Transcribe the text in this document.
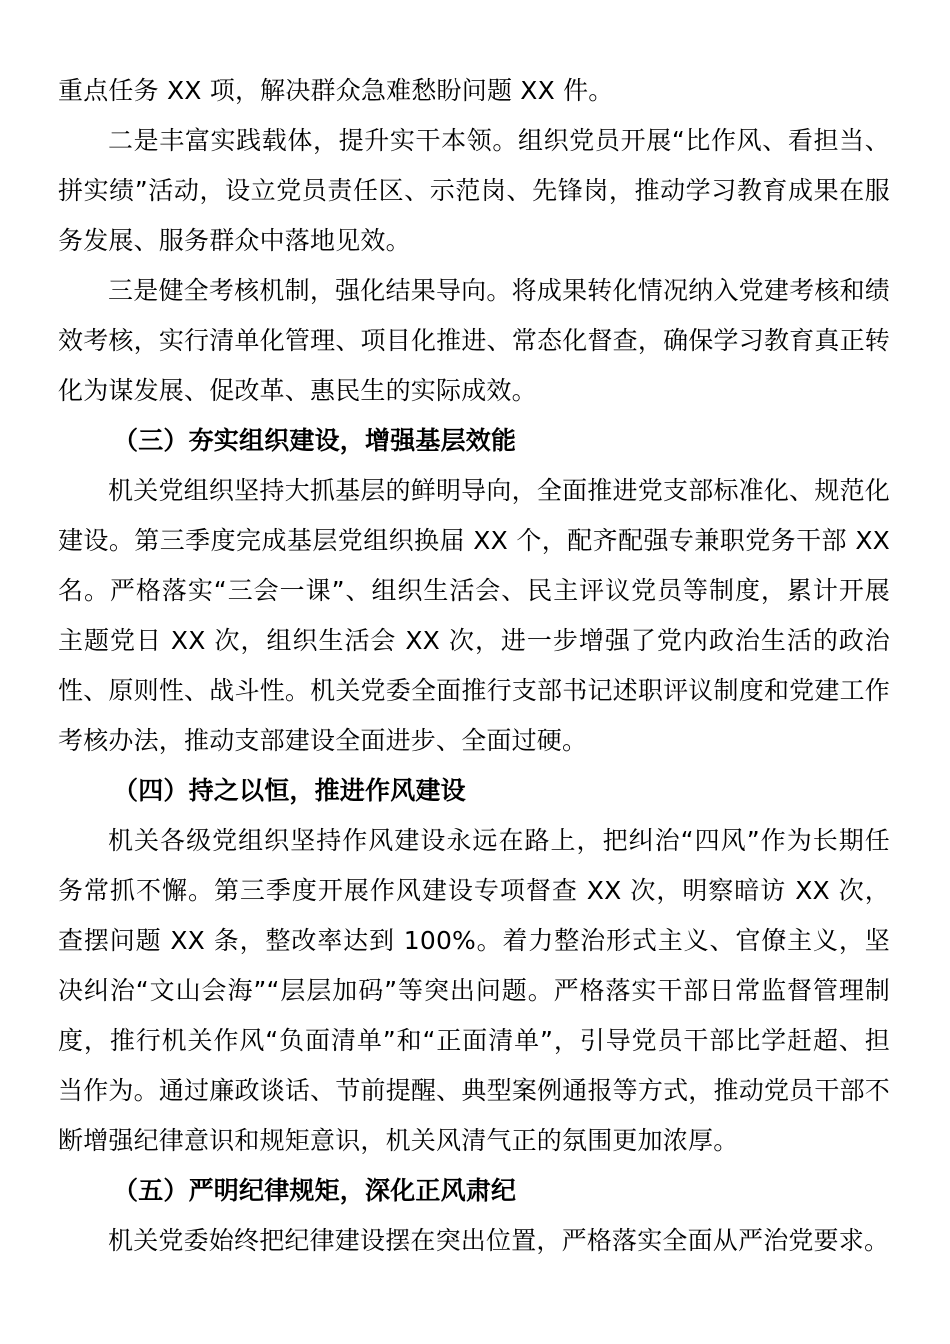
重点任务 XX 项，解决群众急难愁盼问题 XX 件。

二是丰富实践载体，提升实干本领。组织党员开展“比作风、看担当、拼实绩”活动，设立党员责任区、示范岗、先锋岗，推动学习教育成果在服务发展、服务群众中落地见效。

三是健全考核机制，强化结果导向。将成果转化情况纳入党建考核和绩效考核，实行清单化管理、项目化推进、常态化督查，确保学习教育真正转化为谋发展、促改革、惠民生的实际成效。

（三）夯实组织建设，增强基层效能

机关党组织坚持大抓基层的鲜明导向，全面推进党支部标准化、规范化建设。第三季度完成基层党组织换届 XX 个，配齐配强专兼职党务干部 XX 名。严格落实“三会一课”、组织生活会、民主评议党员等制度，累计开展主题党日 XX 次，组织生活会 XX 次，进一步增强了党内政治生活的政治性、原则性、战斗性。机关党委全面推行支部书记述职评议制度和党建工作考核办法，推动支部建设全面进步、全面过硬。

（四）持之以恒，推进作风建设

机关各级党组织坚持作风建设永远在路上，把纠治“四风”作为长期任务常抓不懈。第三季度开展作风建设专项督查 XX 次，明察暗访 XX 次，查摆问题 XX 条，整改率达到 100%。着力整治形式主义、官僚主义，坚决纠治“文山会海”“层层加码”等突出问题。严格落实干部日常监督管理制度，推行机关作风“负面清单”和“正面清单”，引导党员干部比学赶超、担当作为。通过廉政谈话、节前提醒、典型案例通报等方式，推动党员干部不断增强纪律意识和规矩意识，机关风清气正的氛围更加浓厚。

（五）严明纪律规矩，深化正风肃纪

机关党委始终把纪律建设摆在突出位置，严格落实全面从严治党要求。
